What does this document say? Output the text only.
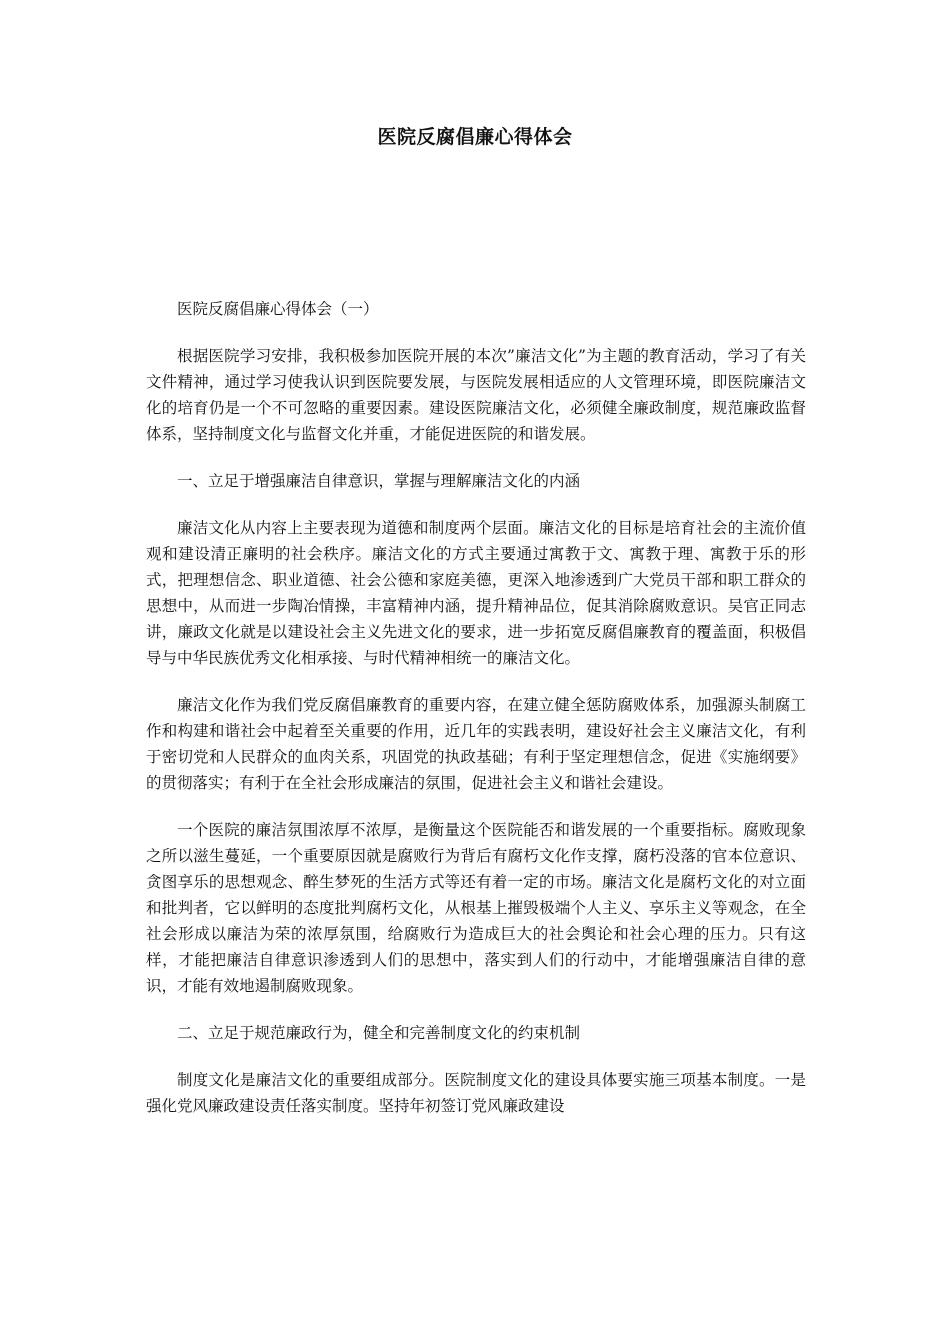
医院反腐倡廉心得体会

医院反腐倡廉心得体会（一）

根据医院学习安排，我积极参加医院开展的本次”廉洁文化”为主题的教育活动，学习了有关文件精神，通过学习使我认识到医院要发展，与医院发展相适应的人文管理环境，即医院廉洁文化的培育仍是一个不可忽略的重要因素。建设医院廉洁文化，必须健全廉政制度，规范廉政监督体系，坚持制度文化与监督文化并重，才能促进医院的和谐发展。

一、立足于增强廉洁自律意识，掌握与理解廉洁文化的内涵

廉洁文化从内容上主要表现为道德和制度两个层面。廉洁文化的目标是培育社会的主流价值观和建设清正廉明的社会秩序。廉洁文化的方式主要通过寓教于文、寓教于理、寓教于乐的形式，把理想信念、职业道德、社会公德和家庭美德，更深入地渗透到广大党员干部和职工群众的思想中，从而进一步陶冶情操，丰富精神内涵，提升精神品位，促其消除腐败意识。吴官正同志讲，廉政文化就是以建设社会主义先进文化的要求，进一步拓宽反腐倡廉教育的覆盖面，积极倡导与中华民族优秀文化相承接、与时代精神相统一的廉洁文化。

廉洁文化作为我们党反腐倡廉教育的重要内容，在建立健全惩防腐败体系，加强源头制腐工作和构建和谐社会中起着至关重要的作用，近几年的实践表明，建设好社会主义廉洁文化，有利于密切党和人民群众的血肉关系，巩固党的执政基础；有利于坚定理想信念，促进《实施纲要》的贯彻落实；有利于在全社会形成廉洁的氛围，促进社会主义和谐社会建设。

一个医院的廉洁氛围浓厚不浓厚，是衡量这个医院能否和谐发展的一个重要指标。腐败现象之所以滋生蔓延，一个重要原因就是腐败行为背后有腐朽文化作支撑，腐朽没落的官本位意识、贪图享乐的思想观念、醉生梦死的生活方式等还有着一定的市场。廉洁文化是腐朽文化的对立面和批判者，它以鲜明的态度批判腐朽文化，从根基上摧毁极端个人主义、享乐主义等观念，在全社会形成以廉洁为荣的浓厚氛围，给腐败行为造成巨大的社会舆论和社会心理的压力。只有这样，才能把廉洁自律意识渗透到人们的思想中，落实到人们的行动中，才能增强廉洁自律的意识，才能有效地遏制腐败现象。

二、立足于规范廉政行为，健全和完善制度文化的约束机制

制度文化是廉洁文化的重要组成部分。医院制度文化的建设具体要实施三项基本制度。一是强化党风廉政建设责任落实制度。坚持年初签订党风廉政建设
